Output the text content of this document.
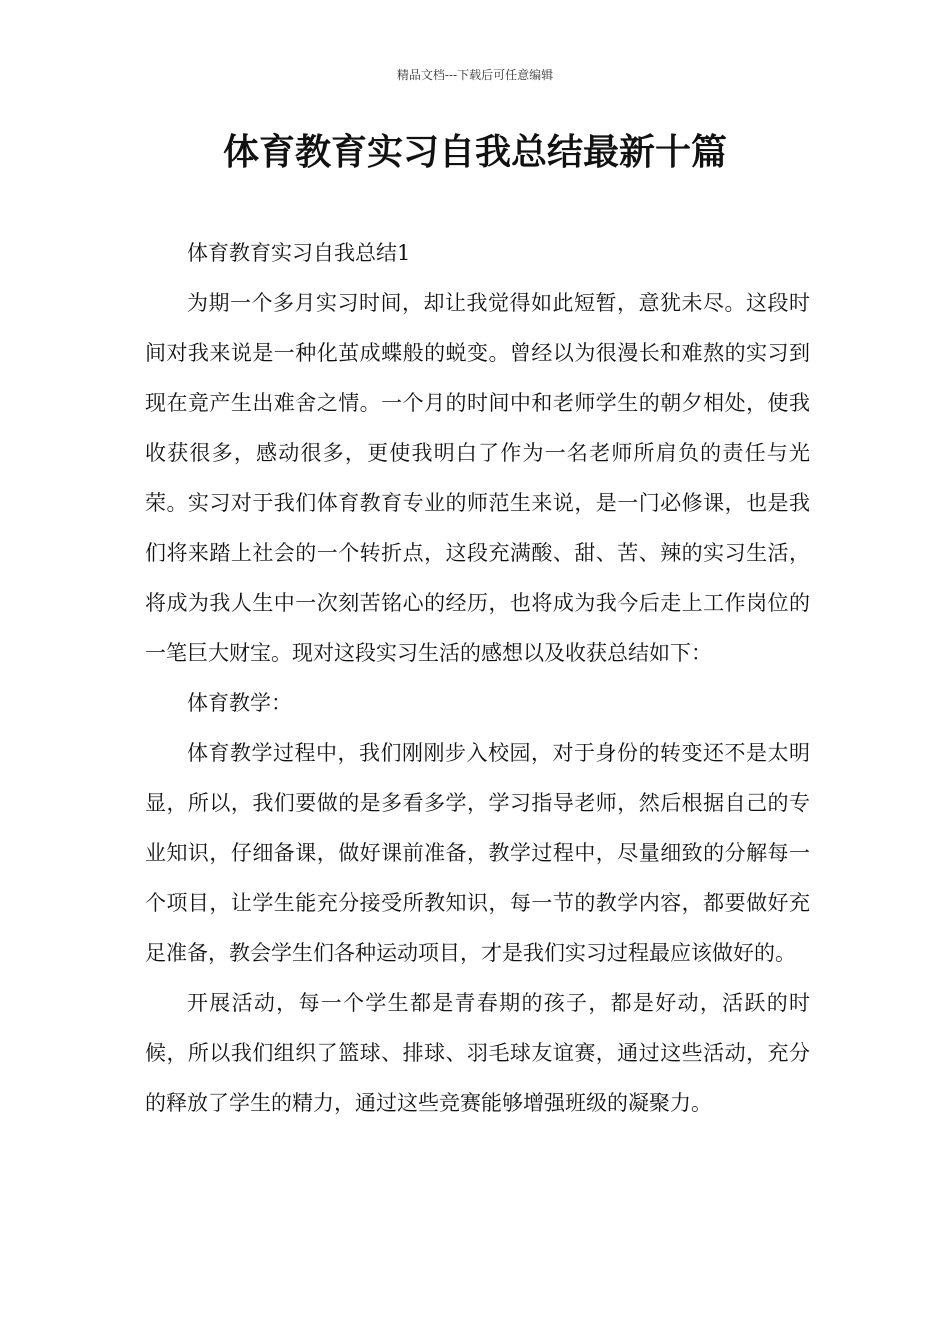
精品文档---下载后可任意编辑
体育教育实习自我总结最新十篇

体育教育实习自我总结1

为期一个多月实习时间，却让我觉得如此短暂，意犹未尽。这段时间对我来说是一种化茧成蝶般的蜕变。曾经以为很漫长和难熬的实习到现在竟产生出难舍之情。一个月的时间中和老师学生的朝夕相处，使我收获很多，感动很多，更使我明白了作为一名老师所肩负的责任与光荣。实习对于我们体育教育专业的师范生来说，是一门必修课，也是我们将来踏上社会的一个转折点，这段充满酸、甜、苦、辣的实习生活，将成为我人生中一次刻苦铭心的经历，也将成为我今后走上工作岗位的一笔巨大财宝。现对这段实习生活的感想以及收获总结如下：

体育教学：

体育教学过程中，我们刚刚步入校园，对于身份的转变还不是太明显，所以，我们要做的是多看多学，学习指导老师，然后根据自己的专业知识，仔细备课，做好课前准备，教学过程中，尽量细致的分解每一个项目，让学生能充分接受所教知识，每一节的教学内容，都要做好充足准备，教会学生们各种运动项目，才是我们实习过程最应该做好的。

开展活动，每一个学生都是青春期的孩子，都是好动，活跃的时候，所以我们组织了篮球、排球、羽毛球友谊赛，通过这些活动，充分的释放了学生的精力，通过这些竞赛能够增强班级的凝聚力。
